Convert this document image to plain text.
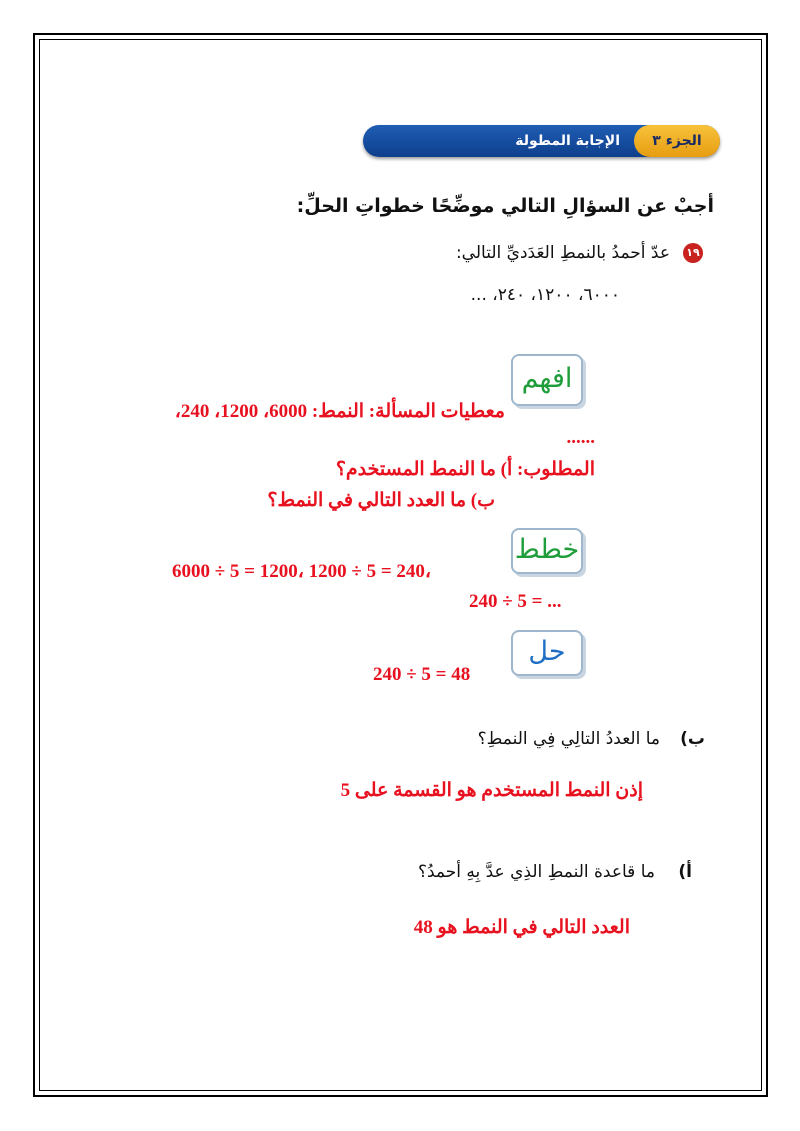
الجزء ٣
الإجابة المطولة
أجبْ عن السؤالِ التالي موضِّحًا خطواتِ الحلِّ:
١٩
عدّ أحمدُ بالنمطِ العَدَديِّ التالي:
٦٠٠٠، ١٢٠٠، ٢٤٠، ...
افهم
معطيات المسألة: النمط: 6000، 1200، 240،
......
المطلوب: أ) ما النمط المستخدم؟
ب) ما العدد التالي في النمط؟
خطط
6000 ÷ 5 = 1200، 1200 ÷ 5 = 240،
240 ÷ 5 = ...
حل
240 ÷ 5 = 48
ب)
ما العددُ التالِي فِي النمطِ؟
إذن النمط المستخدم هو القسمة على 5
أ)
ما قاعدة النمطِ الذِي عدَّ بِهِ أحمدُ؟
العدد التالي في النمط هو 48
